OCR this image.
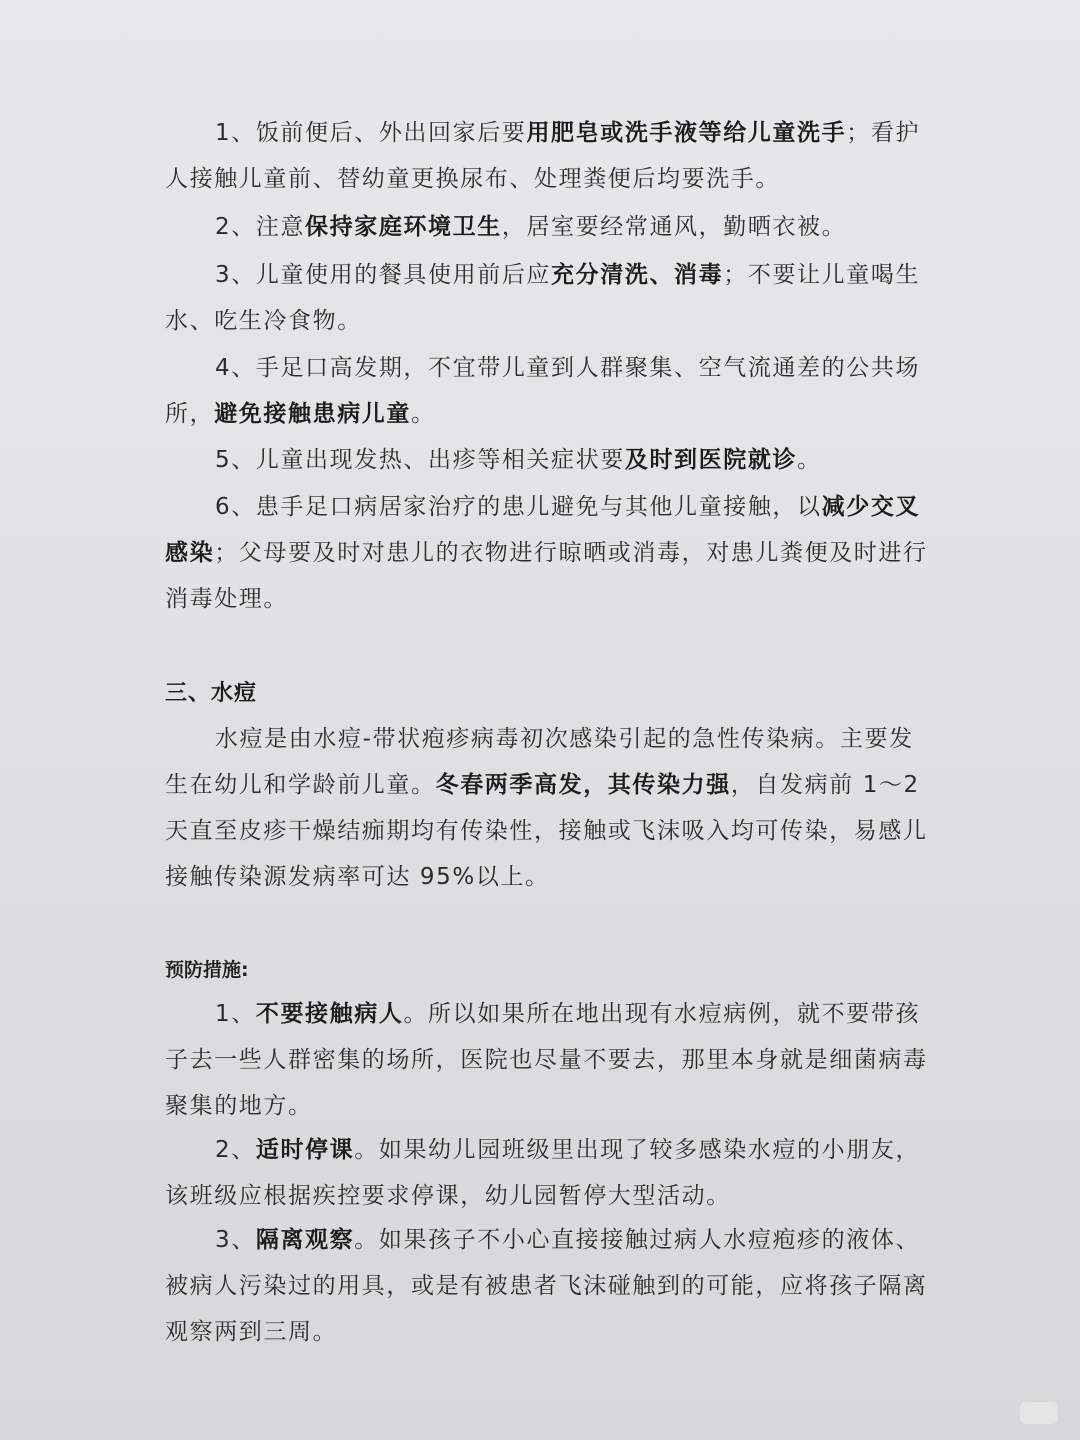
1、饭前便后、外出回家后要用肥皂或洗手液等给儿童洗手；看护人接触儿童前、替幼童更换尿布、处理粪便后均要洗手。

2、注意保持家庭环境卫生，居室要经常通风，勤晒衣被。

3、儿童使用的餐具使用前后应充分清洗、消毒；不要让儿童喝生水、吃生冷食物。

4、手足口高发期，不宜带儿童到人群聚集、空气流通差的公共场所，避免接触患病儿童。

5、儿童出现发热、出疹等相关症状要及时到医院就诊。

6、患手足口病居家治疗的患儿避免与其他儿童接触，以减少交叉感染；父母要及时对患儿的衣物进行晾晒或消毒，对患儿粪便及时进行消毒处理。

三、水痘

水痘是由水痘-带状疱疹病毒初次感染引起的急性传染病。主要发生在幼儿和学龄前儿童。冬春两季高发，其传染力强，自发病前 1～2 天直至皮疹干燥结痂期均有传染性，接触或飞沫吸入均可传染，易感儿接触传染源发病率可达 95%以上。

预防措施:

1、不要接触病人。所以如果所在地出现有水痘病例，就不要带孩子去一些人群密集的场所，医院也尽量不要去，那里本身就是细菌病毒聚集的地方。

2、适时停课。如果幼儿园班级里出现了较多感染水痘的小朋友，该班级应根据疾控要求停课，幼儿园暂停大型活动。

3、隔离观察。如果孩子不小心直接接触过病人水痘疱疹的液体、被病人污染过的用具，或是有被患者飞沫碰触到的可能，应将孩子隔离观察两到三周。
